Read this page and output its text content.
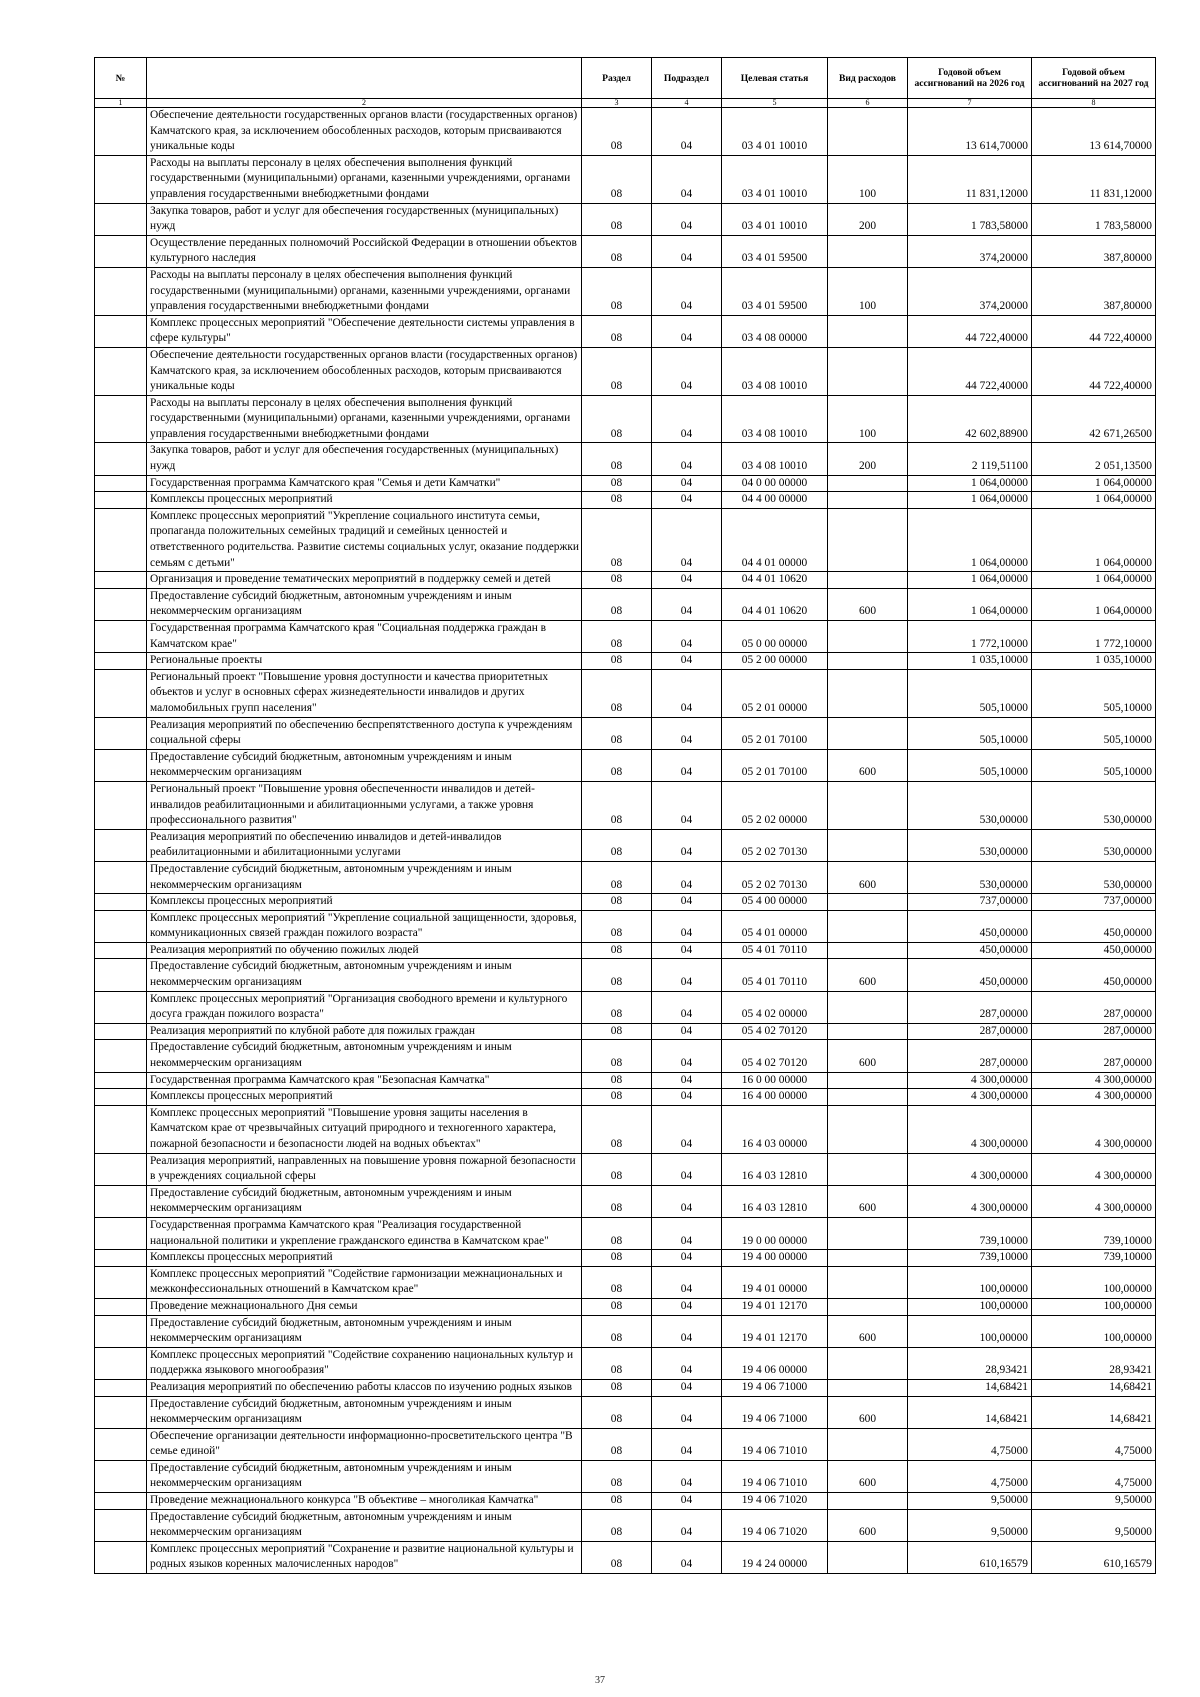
№		Раздел	Подраздел	Целевая статья	Вид расходов	Годовой объем ассигнований на 2026 год	Годовой объем ассигнований на 2027 год
1	2	3	4	5	6	7	8
	Обеспечение деятельности государственных органов власти (государственных органов) Камчатского края, за исключением обособленных расходов, которым присваиваются уникальные коды	08	04	03 4 01 10010		13 614,70000	13 614,70000
	Расходы на выплаты персоналу в целях обеспечения выполнения функций государственными (муниципальными) органами, казенными учреждениями, органами управления государственными внебюджетными фондами	08	04	03 4 01 10010	100	11 831,12000	11 831,12000
	Закупка товаров, работ и услуг для обеспечения государственных (муниципальных) нужд	08	04	03 4 01 10010	200	1 783,58000	1 783,58000
	Осуществление переданных полномочий Российской Федерации в отношении объектов культурного наследия	08	04	03 4 01 59500		374,20000	387,80000
	Расходы на выплаты персоналу в целях обеспечения выполнения функций государственными (муниципальными) органами, казенными учреждениями, органами управления государственными внебюджетными фондами	08	04	03 4 01 59500	100	374,20000	387,80000
	Комплекс процессных мероприятий "Обеспечение деятельности системы управления в сфере культуры"	08	04	03 4 08 00000		44 722,40000	44 722,40000
	Обеспечение деятельности государственных органов власти (государственных органов) Камчатского края, за исключением обособленных расходов, которым присваиваются уникальные коды	08	04	03 4 08 10010		44 722,40000	44 722,40000
	Расходы на выплаты персоналу в целях обеспечения выполнения функций государственными (муниципальными) органами, казенными учреждениями, органами управления государственными внебюджетными фондами	08	04	03 4 08 10010	100	42 602,88900	42 671,26500
	Закупка товаров, работ и услуг для обеспечения государственных (муниципальных) нужд	08	04	03 4 08 10010	200	2 119,51100	2 051,13500
	Государственная программа Камчатского края "Семья и дети Камчатки"	08	04	04 0 00 00000		1 064,00000	1 064,00000
	Комплексы процессных мероприятий	08	04	04 4 00 00000		1 064,00000	1 064,00000
	Комплекс процессных мероприятий "Укрепление социального института семьи, пропаганда положительных семейных традиций и семейных ценностей и ответственного родительства. Развитие системы социальных услуг, оказание поддержки семьям с детьми"	08	04	04 4 01 00000		1 064,00000	1 064,00000
	Организация и проведение тематических мероприятий в поддержку семей и детей	08	04	04 4 01 10620		1 064,00000	1 064,00000
	Предоставление субсидий бюджетным, автономным учреждениям и иным некоммерческим организациям	08	04	04 4 01 10620	600	1 064,00000	1 064,00000
	Государственная программа Камчатского края "Социальная поддержка граждан в Камчатском крае"	08	04	05 0 00 00000		1 772,10000	1 772,10000
	Региональные проекты	08	04	05 2 00 00000		1 035,10000	1 035,10000
	Региональный проект "Повышение уровня доступности и качества приоритетных объектов и услуг в основных сферах жизнедеятельности инвалидов и других маломобильных групп населения"	08	04	05 2 01 00000		505,10000	505,10000
	Реализация мероприятий по обеспечению беспрепятственного доступа к учреждениям социальной сферы	08	04	05 2 01 70100		505,10000	505,10000
	Предоставление субсидий бюджетным, автономным учреждениям и иным некоммерческим организациям	08	04	05 2 01 70100	600	505,10000	505,10000
	Региональный проект "Повышение уровня обеспеченности инвалидов и детей-инвалидов реабилитационными и абилитационными услугами, а также уровня профессионального развития"	08	04	05 2 02 00000		530,00000	530,00000
	Реализация мероприятий по обеспечению инвалидов и детей-инвалидов реабилитационными и абилитационными услугами	08	04	05 2 02 70130		530,00000	530,00000
	Предоставление субсидий бюджетным, автономным учреждениям и иным некоммерческим организациям	08	04	05 2 02 70130	600	530,00000	530,00000
	Комплексы процессных мероприятий	08	04	05 4 00 00000		737,00000	737,00000
	Комплекс процессных мероприятий "Укрепление социальной защищенности, здоровья, коммуникационных связей граждан пожилого возраста"	08	04	05 4 01 00000		450,00000	450,00000
	Реализация мероприятий по обучению пожилых людей	08	04	05 4 01 70110		450,00000	450,00000
	Предоставление субсидий бюджетным, автономным учреждениям и иным некоммерческим организациям	08	04	05 4 01 70110	600	450,00000	450,00000
	Комплекс процессных мероприятий "Организация свободного времени и культурного досуга граждан пожилого возраста"	08	04	05 4 02 00000		287,00000	287,00000
	Реализация мероприятий по клубной работе для пожилых граждан	08	04	05 4 02 70120		287,00000	287,00000
	Предоставление субсидий бюджетным, автономным учреждениям и иным некоммерческим организациям	08	04	05 4 02 70120	600	287,00000	287,00000
	Государственная программа Камчатского края "Безопасная Камчатка"	08	04	16 0 00 00000		4 300,00000	4 300,00000
	Комплексы процессных мероприятий	08	04	16 4 00 00000		4 300,00000	4 300,00000
	Комплекс процессных мероприятий "Повышение уровня защиты населения в Камчатском крае от чрезвычайных ситуаций природного и техногенного характера, пожарной безопасности и безопасности людей на водных объектах"	08	04	16 4 03 00000		4 300,00000	4 300,00000
	Реализация мероприятий, направленных на повышение уровня пожарной безопасности в учреждениях социальной сферы	08	04	16 4 03 12810		4 300,00000	4 300,00000
	Предоставление субсидий бюджетным, автономным учреждениям и иным некоммерческим организациям	08	04	16 4 03 12810	600	4 300,00000	4 300,00000
	Государственная программа Камчатского края "Реализация государственной национальной политики и укрепление гражданского единства в Камчатском крае"	08	04	19 0 00 00000		739,10000	739,10000
	Комплексы процессных мероприятий	08	04	19 4 00 00000		739,10000	739,10000
	Комплекс процессных мероприятий "Содействие гармонизации межнациональных и межконфессиональных отношений в Камчатском крае"	08	04	19 4 01 00000		100,00000	100,00000
	Проведение межнационального Дня семьи	08	04	19 4 01 12170		100,00000	100,00000
	Предоставление субсидий бюджетным, автономным учреждениям и иным некоммерческим организациям	08	04	19 4 01 12170	600	100,00000	100,00000
	Комплекс процессных мероприятий "Содействие сохранению национальных культур и поддержка языкового многообразия"	08	04	19 4 06 00000		28,93421	28,93421
	Реализация мероприятий по обеспечению работы классов по изучению родных языков	08	04	19 4 06 71000		14,68421	14,68421
	Предоставление субсидий бюджетным, автономным учреждениям и иным некоммерческим организациям	08	04	19 4 06 71000	600	14,68421	14,68421
	Обеспечение организации деятельности информационно-просветительского центра "В семье единой"	08	04	19 4 06 71010		4,75000	4,75000
	Предоставление субсидий бюджетным, автономным учреждениям и иным некоммерческим организациям	08	04	19 4 06 71010	600	4,75000	4,75000
	Проведение межнационального конкурса "В объективе – многоликая Камчатка"	08	04	19 4 06 71020		9,50000	9,50000
	Предоставление субсидий бюджетным, автономным учреждениям и иным некоммерческим организациям	08	04	19 4 06 71020	600	9,50000	9,50000
	Комплекс процессных мероприятий "Сохранение и развитие национальной культуры и родных языков коренных малочисленных народов"	08	04	19 4 24 00000		610,16579	610,16579
37
